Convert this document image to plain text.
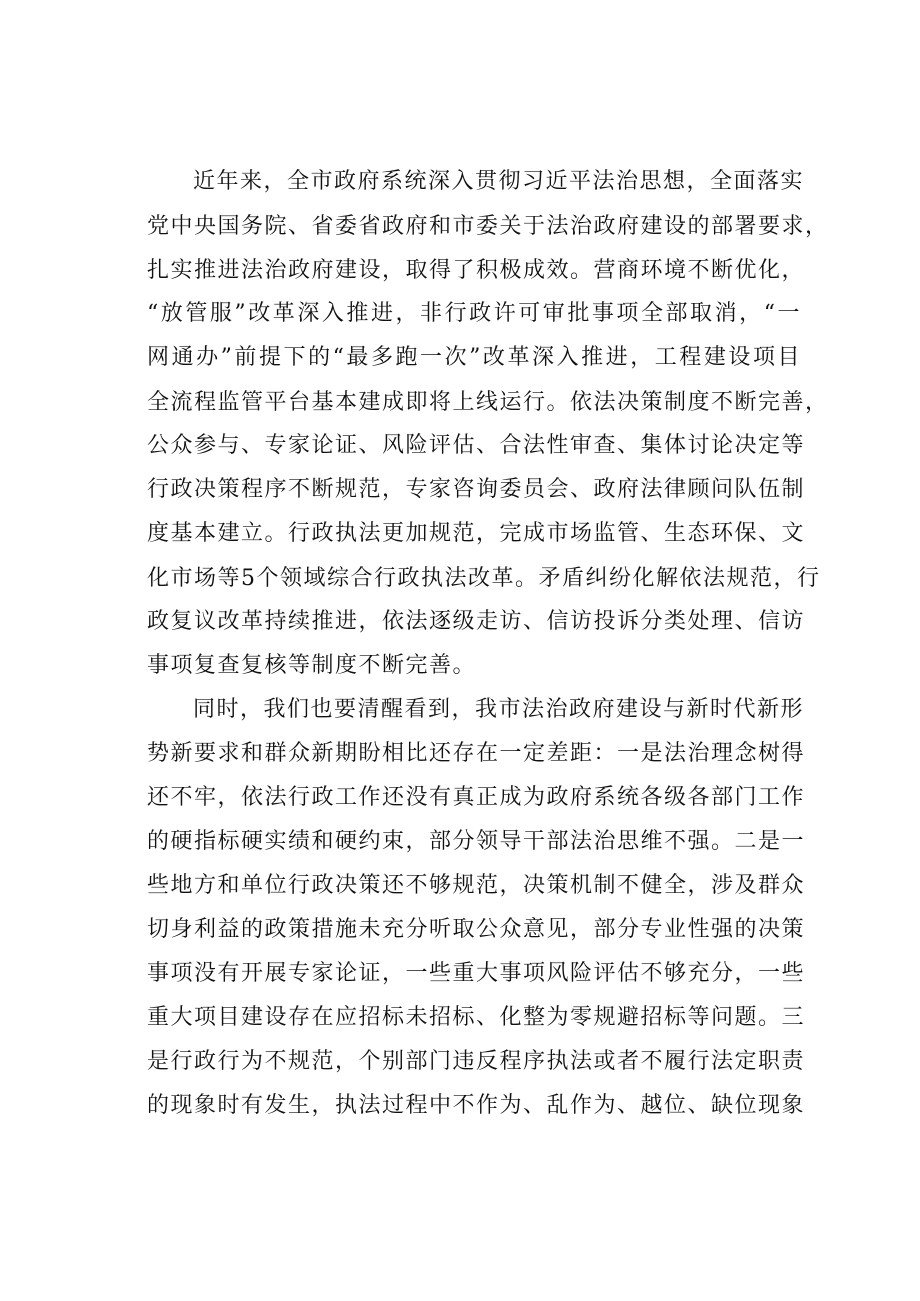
近年来，全市政府系统深入贯彻习近平法治思想，全面落实
党中央国务院、省委省政府和市委关于法治政府建设的部署要求，
扎实推进法治政府建设，取得了积极成效。营商环境不断优化，
“放管服”改革深入推进，非行政许可审批事项全部取消，“一
网通办”前提下的“最多跑一次”改革深入推进，工程建设项目
全流程监管平台基本建成即将上线运行。依法决策制度不断完善，
公众参与、专家论证、风险评估、合法性审查、集体讨论决定等
行政决策程序不断规范，专家咨询委员会、政府法律顾问队伍制
度基本建立。行政执法更加规范，完成市场监管、生态环保、文
化市场等5个领域综合行政执法改革。矛盾纠纷化解依法规范，行
政复议改革持续推进，依法逐级走访、信访投诉分类处理、信访
事项复查复核等制度不断完善。
同时，我们也要清醒看到，我市法治政府建设与新时代新形
势新要求和群众新期盼相比还存在一定差距：一是法治理念树得
还不牢，依法行政工作还没有真正成为政府系统各级各部门工作
的硬指标硬实绩和硬约束，部分领导干部法治思维不强。二是一
些地方和单位行政决策还不够规范，决策机制不健全，涉及群众
切身利益的政策措施未充分听取公众意见，部分专业性强的决策
事项没有开展专家论证，一些重大事项风险评估不够充分，一些
重大项目建设存在应招标未招标、化整为零规避招标等问题。三
是行政行为不规范，个别部门违反程序执法或者不履行法定职责
的现象时有发生，执法过程中不作为、乱作为、越位、缺位现象
